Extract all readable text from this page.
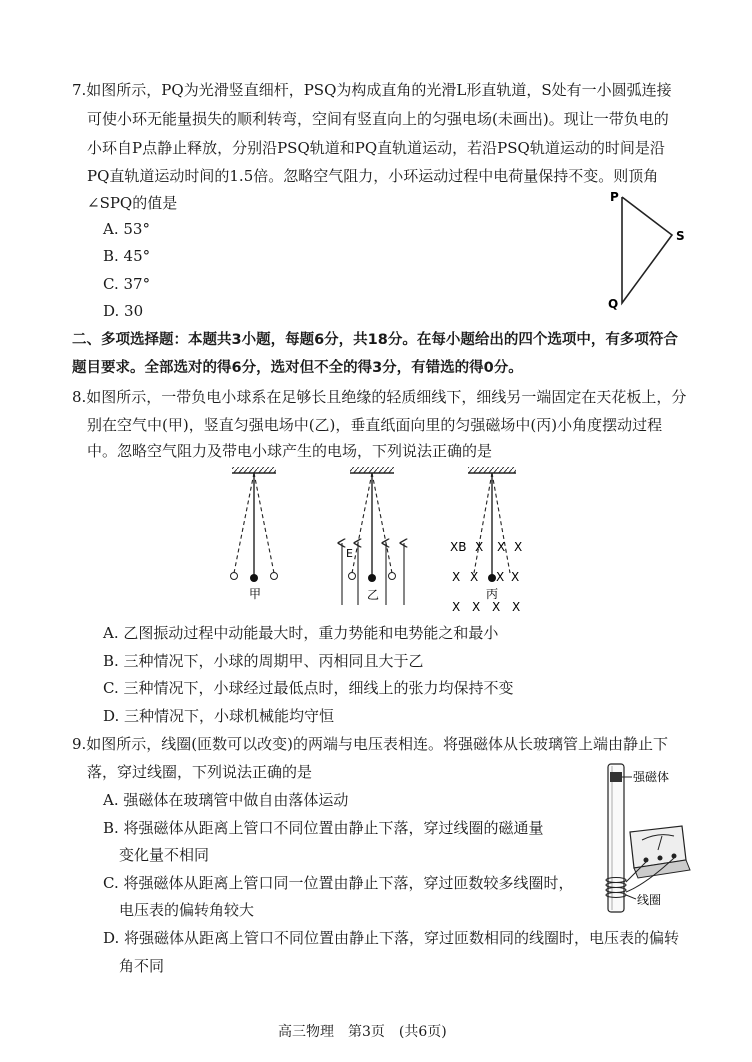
7.如图所示，PQ为光滑竖直细杆，PSQ为构成直角的光滑L形直轨道，S处有一小圆弧连接
可使小环无能量损失的顺利转弯，空间有竖直向上的匀强电场(未画出)。现让一带负电的
小环自P点静止释放，分别沿PSQ轨道和PQ直轨道运动，若沿PSQ轨道运动的时间是沿
PQ直轨道运动时间的1.5倍。忽略空气阻力，小环运动过程中电荷量保持不变。则顶角
∠SPQ的值是
A. 53°
B. 45°
C. 37°
D. 30
P
S
Q
二、多项选择题：本题共3小题，每题6分，共18分。在每小题给出的四个选项中，有多项符合
题目要求。全部选对的得6分，选对但不全的得3分，有错选的得0分。
8.如图所示，一带负电小球系在足够长且绝缘的轻质细线下，细线另一端固定在天花板上，分
别在空气中(甲)，竖直匀强电场中(乙)，垂直纸面向里的匀强磁场中(丙)小角度摆动过程
中。忽略空气阻力及带电小球产生的电场，下列说法正确的是
甲
E
乙
XB X X X
X X X X
X X X X
丙
A. 乙图振动过程中动能最大时，重力势能和电势能之和最小
B. 三种情况下，小球的周期甲、丙相同且大于乙
C. 三种情况下，小球经过最低点时，细线上的张力均保持不变
D. 三种情况下，小球机械能均守恒
9.如图所示，线圈(匝数可以改变)的两端与电压表相连。将强磁体从长玻璃管上端由静止下
落，穿过线圈，下列说法正确的是
A. 强磁体在玻璃管中做自由落体运动
B. 将强磁体从距离上管口不同位置由静止下落，穿过线圈的磁通量
变化量不相同
C. 将强磁体从距离上管口同一位置由静止下落，穿过匝数较多线圈时，
电压表的偏转角较大
D. 将强磁体从距离上管口不同位置由静止下落，穿过匝数相同的线圈时，电压表的偏转
角不同
强磁体
线圈
高三物理　第3页　(共6页)
